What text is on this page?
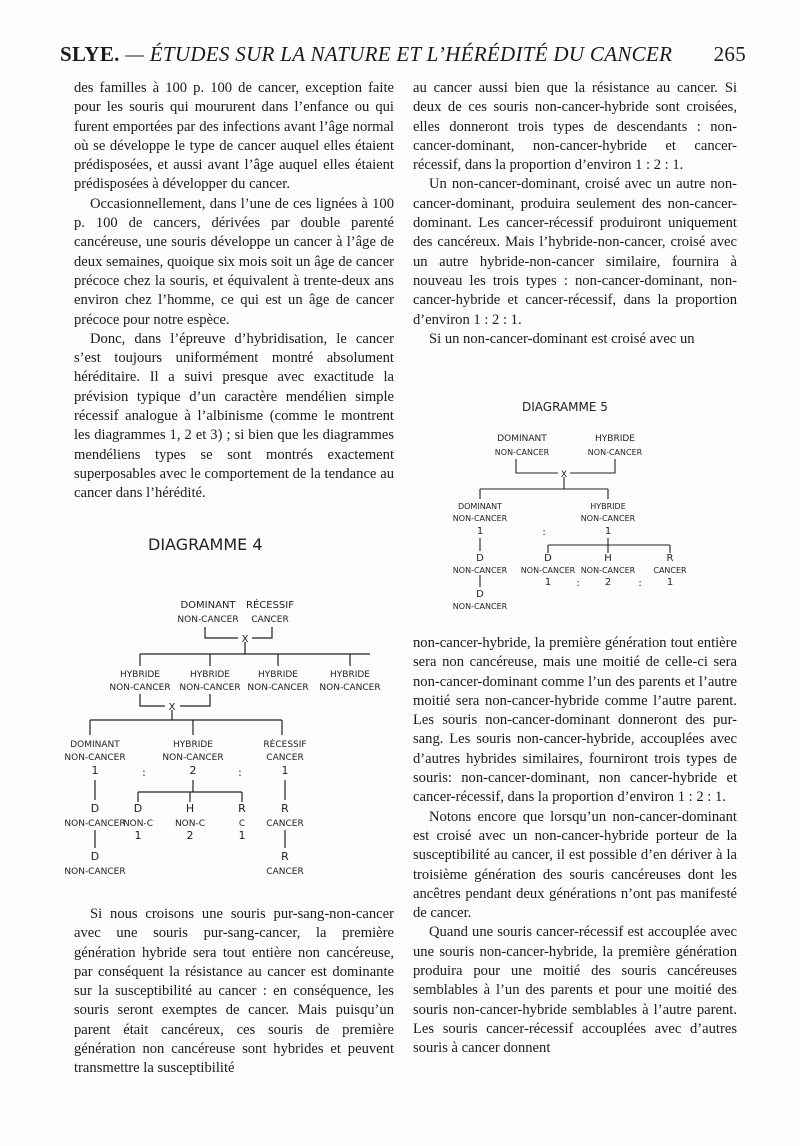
SLYE. — ÉTUDES SUR LA NATURE ET L’HÉRÉDITÉ DU CANCER 265

des familles à 100 p. 100 de cancer, exception faite pour les souris qui moururent dans l’enfance ou qui furent emportées par des infections avant l’âge normal où se développe le type de cancer auquel elles étaient prédisposées, et aussi avant l’âge auquel elles étaient prédisposées à développer du cancer.

Occasionnellement, dans l’une de ces lignées à 100 p. 100 de cancers, dérivées par double parenté cancéreuse, une souris développe un cancer à l’âge de deux semaines, quoique six mois soit un âge de cancer précoce chez la souris, et équivalent à trente-deux ans environ chez l’homme, ce qui est un âge de cancer précoce pour notre espèce.

Donc, dans l’épreuve d’hybridisation, le cancer s’est toujours uniformément montré absolument héréditaire. Il a suivi presque avec exactitude la prévision typique d’un caractère mendélien simple récessif analogue à l’albinisme (comme le montrent les diagrammes 1, 2 et 3) ; si bien que les diagrammes mendéliens types se sont montrés exactement superposables avec le comportement de la tendance au cancer dans l’hérédité.

DIAGRAMME 4
DOMINANT
NON-CANCER
RÉCESSIF
CANCER
X
HYBRIDE
NON-CANCER
HYBRIDE
NON-CANCER
HYBRIDE
NON-CANCER
HYBRIDE
NON-CANCER
X
DOMINANT
NON-CANCER
HYBRIDE
NON-CANCER
RÉCESSIF
CANCER
1	:	2	:	1
D
NON-CANCER
D
NON-C
1
H
NON-C
2
R
C
1
R
CANCER
D
NON-CANCER
R
CANCER

Si nous croisons une souris pur-sang-non-cancer avec une souris pur-sang-cancer, la première génération hybride sera tout entière non cancéreuse, par conséquent la résistance au cancer est dominante sur la susceptibilité au cancer : en conséquence, les souris seront exemptes de cancer. Mais puisqu’un parent était cancéreux, ces souris de première génération non cancéreuse sont hybrides et peuvent transmettre la susceptibilité

au cancer aussi bien que la résistance au cancer. Si deux de ces souris non-cancer-hybride sont croisées, elles donneront trois types de descendants : non-cancer-dominant, non-cancer-hybride et cancer-récessif, dans la proportion d’environ 1 : 2 : 1.

Un non-cancer-dominant, croisé avec un autre non-cancer-dominant, produira seulement des non-cancer-dominant. Les cancer-récessif produiront uniquement des cancéreux. Mais l’hybride-non-cancer, croisé avec un autre hybride-non-cancer similaire, fournira à nouveau les trois types : non-cancer-dominant, non-cancer-hybride et cancer-récessif, dans la proportion d’environ 1 : 2 : 1.

Si un non-cancer-dominant est croisé avec un

DIAGRAMME 5
DOMINANT
NON-CANCER
HYBRIDE
NON-CANCER
X
DOMINANT
NON-CANCER
1	:
HYBRIDE
NON-CANCER
1
D
NON-CANCER
D
NON-CANCER
1	:
H
NON-CANCER
2	:
R
CANCER
1
D
NON-CANCER

non-cancer-hybride, la première génération tout entière sera non cancéreuse, mais une moitié de celle-ci sera non-cancer-dominant comme l’un des parents et l’autre moitié sera non-cancer-hybride comme l’autre parent. Les souris non-cancer-dominant donneront des pur-sang. Les souris non-cancer-hybride, accouplées avec d’autres hybrides similaires, fourniront trois types de souris: non-cancer-dominant, non cancer-hybride et cancer-récessif, dans la proportion d’environ 1 : 2 : 1.

Notons encore que lorsqu’un non-cancer-dominant est croisé avec un non-cancer-hybride porteur de la susceptibilité au cancer, il est possible d’en dériver à la troisième génération des souris cancéreuses dont les ancêtres pendant deux générations n’ont pas manifesté de cancer.

Quand une souris cancer-récessif est accouplée avec une souris non-cancer-hybride, la première génération produira pour une moitié des souris cancéreuses semblables à l’un des parents et pour une moitié des souris non-cancer-hybride semblables à l’autre parent. Les souris cancer-récessif accouplées avec d’autres souris à cancer donnent
